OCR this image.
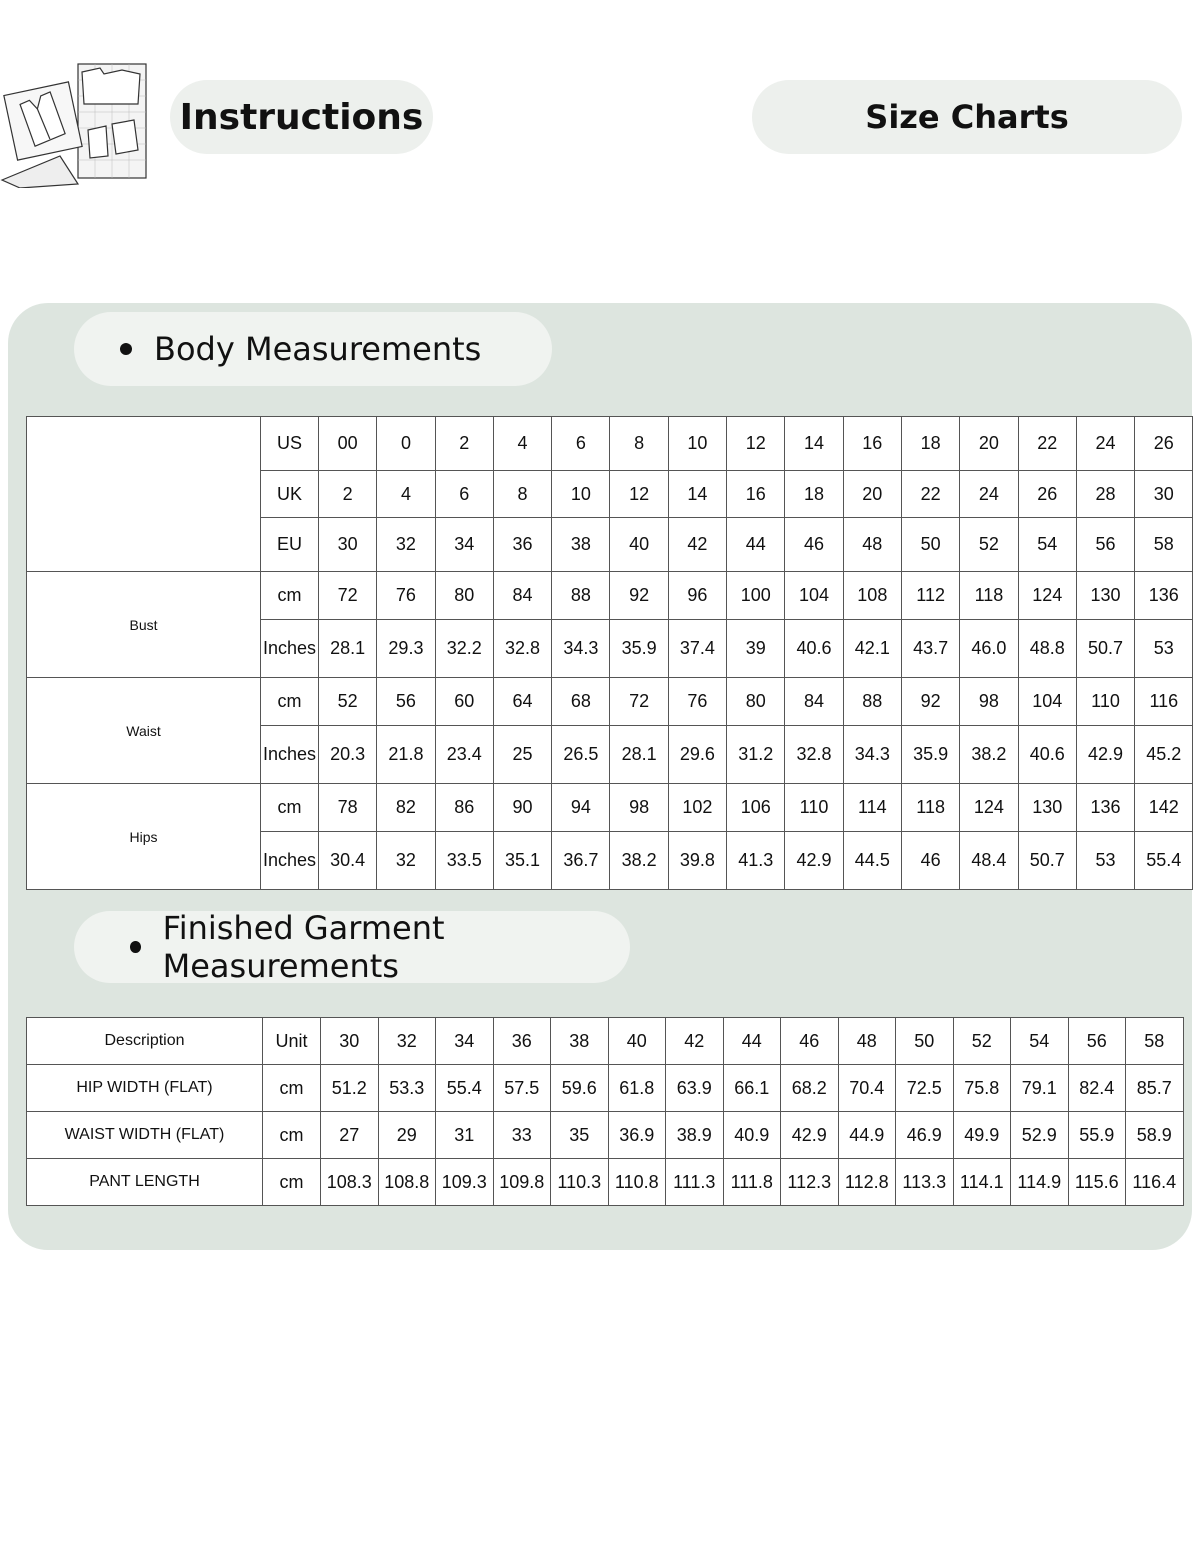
Instructions	Size Charts
Body Measurements
	US	00	0	2	4	6	8	10	12	14	16	18	20	22	24	26
	UK	2	4	6	8	10	12	14	16	18	20	22	24	26	28	30
	EU	30	32	34	36	38	40	42	44	46	48	50	52	54	56	58
Bust	cm	72	76	80	84	88	92	96	100	104	108	112	118	124	130	136
	Inches	28.1	29.3	32.2	32.8	34.3	35.9	37.4	39	40.6	42.1	43.7	46.0	48.8	50.7	53
Waist	cm	52	56	60	64	68	72	76	80	84	88	92	98	104	110	116
	Inches	20.3	21.8	23.4	25	26.5	28.1	29.6	31.2	32.8	34.3	35.9	38.2	40.6	42.9	45.2
Hips	cm	78	82	86	90	94	98	102	106	110	114	118	124	130	136	142
	Inches	30.4	32	33.5	35.1	36.7	38.2	39.8	41.3	42.9	44.5	46	48.4	50.7	53	55.4
Finished Garment Measurements
Description	Unit	30	32	34	36	38	40	42	44	46	48	50	52	54	56	58
HIP WIDTH (FLAT)	cm	51.2	53.3	55.4	57.5	59.6	61.8	63.9	66.1	68.2	70.4	72.5	75.8	79.1	82.4	85.7
WAIST WIDTH (FLAT)	cm	27	29	31	33	35	36.9	38.9	40.9	42.9	44.9	46.9	49.9	52.9	55.9	58.9
PANT LENGTH	cm	108.3	108.8	109.3	109.8	110.3	110.8	111.3	111.8	112.3	112.8	113.3	114.1	114.9	115.6	116.4
